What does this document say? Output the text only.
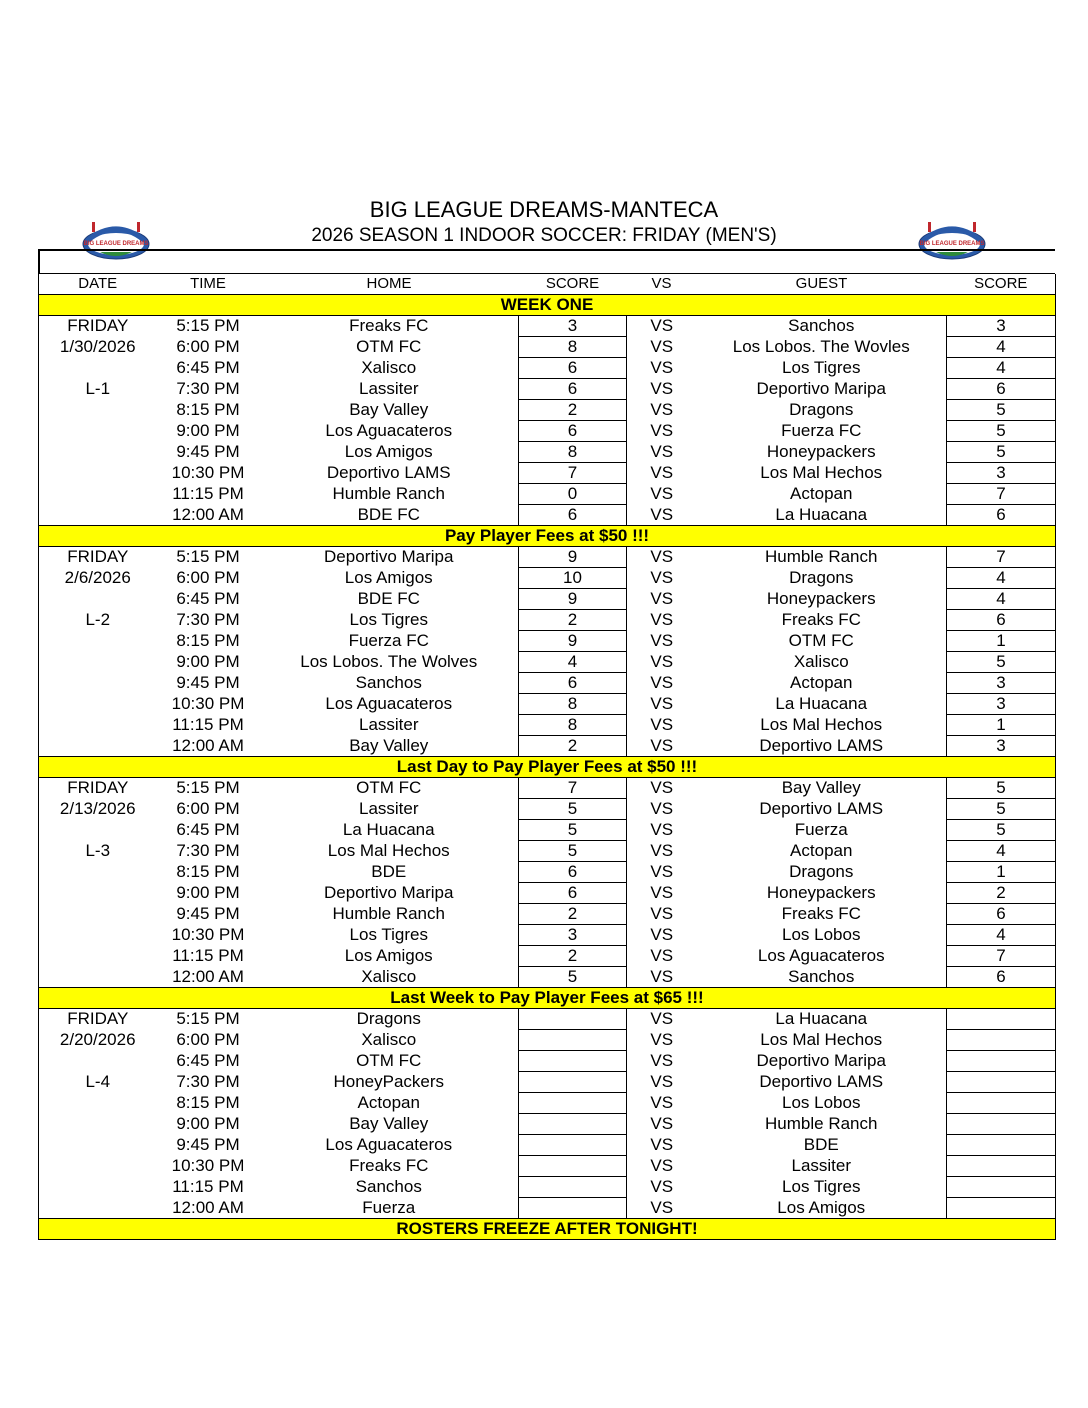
BIG LEAGUE DREAMS-MANTECA
2026 SEASON 1 INDOOR SOCCER: FRIDAY (MEN'S)
BIG LEAGUE DREAMS	BIG LEAGUE DREAMS
DATE	TIME	HOME	SCORE	VS	GUEST	SCORE
WEEK ONE						
FRIDAY	5:15 PM	Freaks FC	3	VS	Sanchos	3
1/30/2026	6:00 PM	OTM FC	8	VS	Los Lobos. The Wovles	4
	6:45 PM	Xalisco	6	VS	Los Tigres	4
L-1	7:30 PM	Lassiter	6	VS	Deportivo Maripa	6
	8:15 PM	Bay Valley	2	VS	Dragons	5
	9:00 PM	Los Aguacateros	6	VS	Fuerza FC	5
	9:45 PM	Los Amigos	8	VS	Honeypackers	5
	10:30 PM	Deportivo LAMS	7	VS	Los Mal Hechos	3
	11:15 PM	Humble Ranch	0	VS	Actopan	7
	12:00 AM	BDE FC	6	VS	La Huacana	6
Pay Player Fees at $50 !!!						
FRIDAY	5:15 PM	Deportivo Maripa	9	VS	Humble Ranch	7
2/6/2026	6:00 PM	Los Amigos	10	VS	Dragons	4
	6:45 PM	BDE FC	9	VS	Honeypackers	4
L-2	7:30 PM	Los Tigres	2	VS	Freaks FC	6
	8:15 PM	Fuerza FC	9	VS	OTM FC	1
	9:00 PM	Los Lobos. The Wolves	4	VS	Xalisco	5
	9:45 PM	Sanchos	6	VS	Actopan	3
	10:30 PM	Los Aguacateros	8	VS	La Huacana	3
	11:15 PM	Lassiter	8	VS	Los Mal Hechos	1
	12:00 AM	Bay Valley	2	VS	Deportivo LAMS	3
Last Day to Pay Player Fees at $50 !!!						
FRIDAY	5:15 PM	OTM FC	7	VS	Bay Valley	5
2/13/2026	6:00 PM	Lassiter	5	VS	Deportivo LAMS	5
	6:45 PM	La Huacana	5	VS	Fuerza	5
L-3	7:30 PM	Los Mal Hechos	5	VS	Actopan	4
	8:15 PM	BDE	6	VS	Dragons	1
	9:00 PM	Deportivo Maripa	6	VS	Honeypackers	2
	9:45 PM	Humble Ranch	2	VS	Freaks FC	6
	10:30 PM	Los Tigres	3	VS	Los Lobos	4
	11:15 PM	Los Amigos	2	VS	Los Aguacateros	7
	12:00 AM	Xalisco	5	VS	Sanchos	6
Last Week to Pay Player Fees at $65 !!!						
FRIDAY	5:15 PM	Dragons		VS	La Huacana	
2/20/2026	6:00 PM	Xalisco		VS	Los Mal Hechos	
	6:45 PM	OTM FC		VS	Deportivo Maripa	
L-4	7:30 PM	HoneyPackers		VS	Deportivo LAMS	
	8:15 PM	Actopan		VS	Los Lobos	
	9:00 PM	Bay Valley		VS	Humble Ranch	
	9:45 PM	Los Aguacateros		VS	BDE	
	10:30 PM	Freaks FC		VS	Lassiter	
	11:15 PM	Sanchos		VS	Los Tigres	
	12:00 AM	Fuerza		VS	Los Amigos	
ROSTERS FREEZE AFTER TONIGHT!						
